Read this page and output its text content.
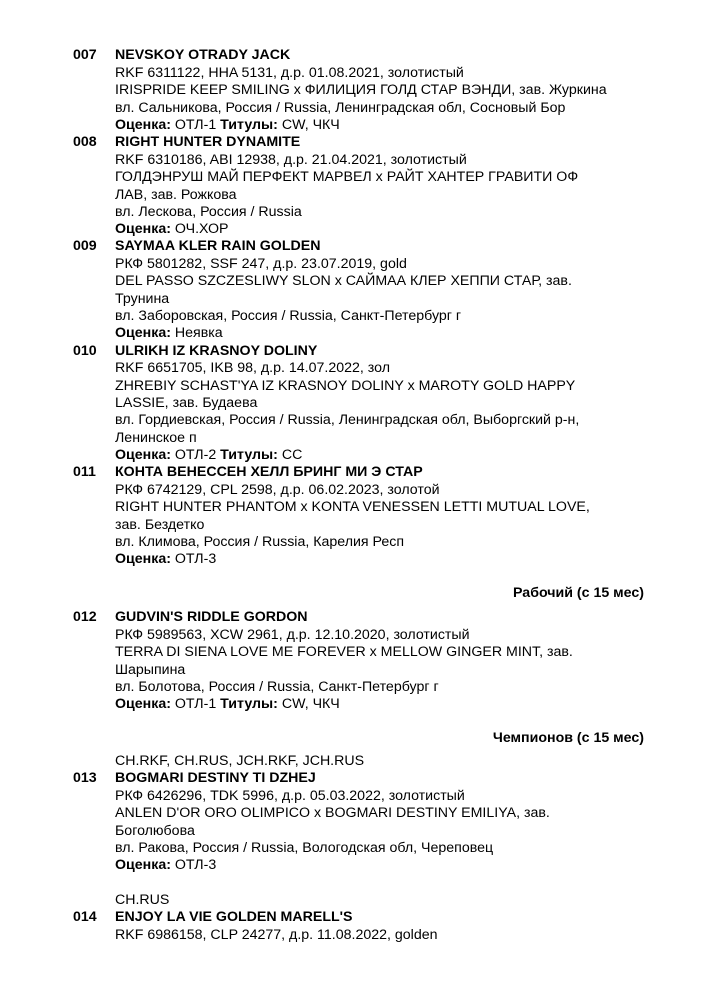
007 NEVSKOY OTRADY JACK
RKF 6311122, HHA 5131, д.р. 01.08.2021, золотистый
IRISPRIDE KEEP SMILING x ФИЛИЦИЯ ГОЛД СТАР ВЭНДИ, зав. Журкина
вл. Сальникова, Россия / Russia, Ленинградская обл, Сосновый Бор
Оценка: ОТЛ-1 Титулы: CW, ЧКЧ
008 RIGHT HUNTER DYNAMITE
RKF 6310186, ABI 12938, д.р. 21.04.2021, золотистый
ГОЛДЭНРУШ МАЙ ПЕРФЕКТ МАРВЕЛ x РАЙТ ХАНТЕР ГРАВИТИ ОФ
ЛАВ, зав. Рожкова
вл. Лескова, Россия / Russia
Оценка: ОЧ.ХОР
009 SAYMAA KLER RAIN GOLDEN
РКФ 5801282, SSF 247, д.р. 23.07.2019, gold
DEL PASSO SZCZESLIWY SLON x САЙМАА КЛЕР ХЕППИ СТАР, зав.
Трунина
вл. Заборовская, Россия / Russia, Санкт-Петербург г
Оценка: Неявка
010 ULRIKH IZ KRASNOY DOLINY
RKF 6651705, IKB 98, д.р. 14.07.2022, зол
ZHREBIY SCHAST'YA IZ KRASNOY DOLINY x MAROTY GOLD HAPPY
LASSIE, зав. Будаева
вл. Гордиевская, Россия / Russia, Ленинградская обл, Выборгский р-н,
Ленинское п
Оценка: ОТЛ-2 Титулы: CC
011 КОНТА ВЕНЕССЕН ХЕЛЛ БРИНГ МИ Э СТАР
РКФ 6742129, CPL 2598, д.р. 06.02.2023, золотой
RIGHT HUNTER PHANTOM x KONTA VENESSEN LETTI MUTUAL LOVE,
зав. Бездетко
вл. Климова, Россия / Russia, Карелия Респ
Оценка: ОТЛ-3
Рабочий (с 15 мес)
012 GUDVIN'S RIDDLE GORDON
РКФ 5989563, XCW 2961, д.р. 12.10.2020, золотистый
TERRA DI SIENA LOVE ME FOREVER x MELLOW GINGER MINT, зав.
Шарыпина
вл. Болотова, Россия / Russia, Санкт-Петербург г
Оценка: ОТЛ-1 Титулы: CW, ЧКЧ
Чемпионов (с 15 мес)
CH.RKF, CH.RUS, JCH.RKF, JCH.RUS
013 BOGMARI DESTINY TI DZHEJ
РКФ 6426296, TDK 5996, д.р. 05.03.2022, золотистый
ANLEN D'OR ORO OLIMPICO x BOGMARI DESTINY EMILIYA, зав.
Боголюбова
вл. Ракова, Россия / Russia, Вологодская обл, Череповец
Оценка: ОТЛ-3
CH.RUS
014 ENJOY LA VIE GOLDEN MARELL'S
RKF 6986158, CLP 24277, д.р. 11.08.2022, golden
